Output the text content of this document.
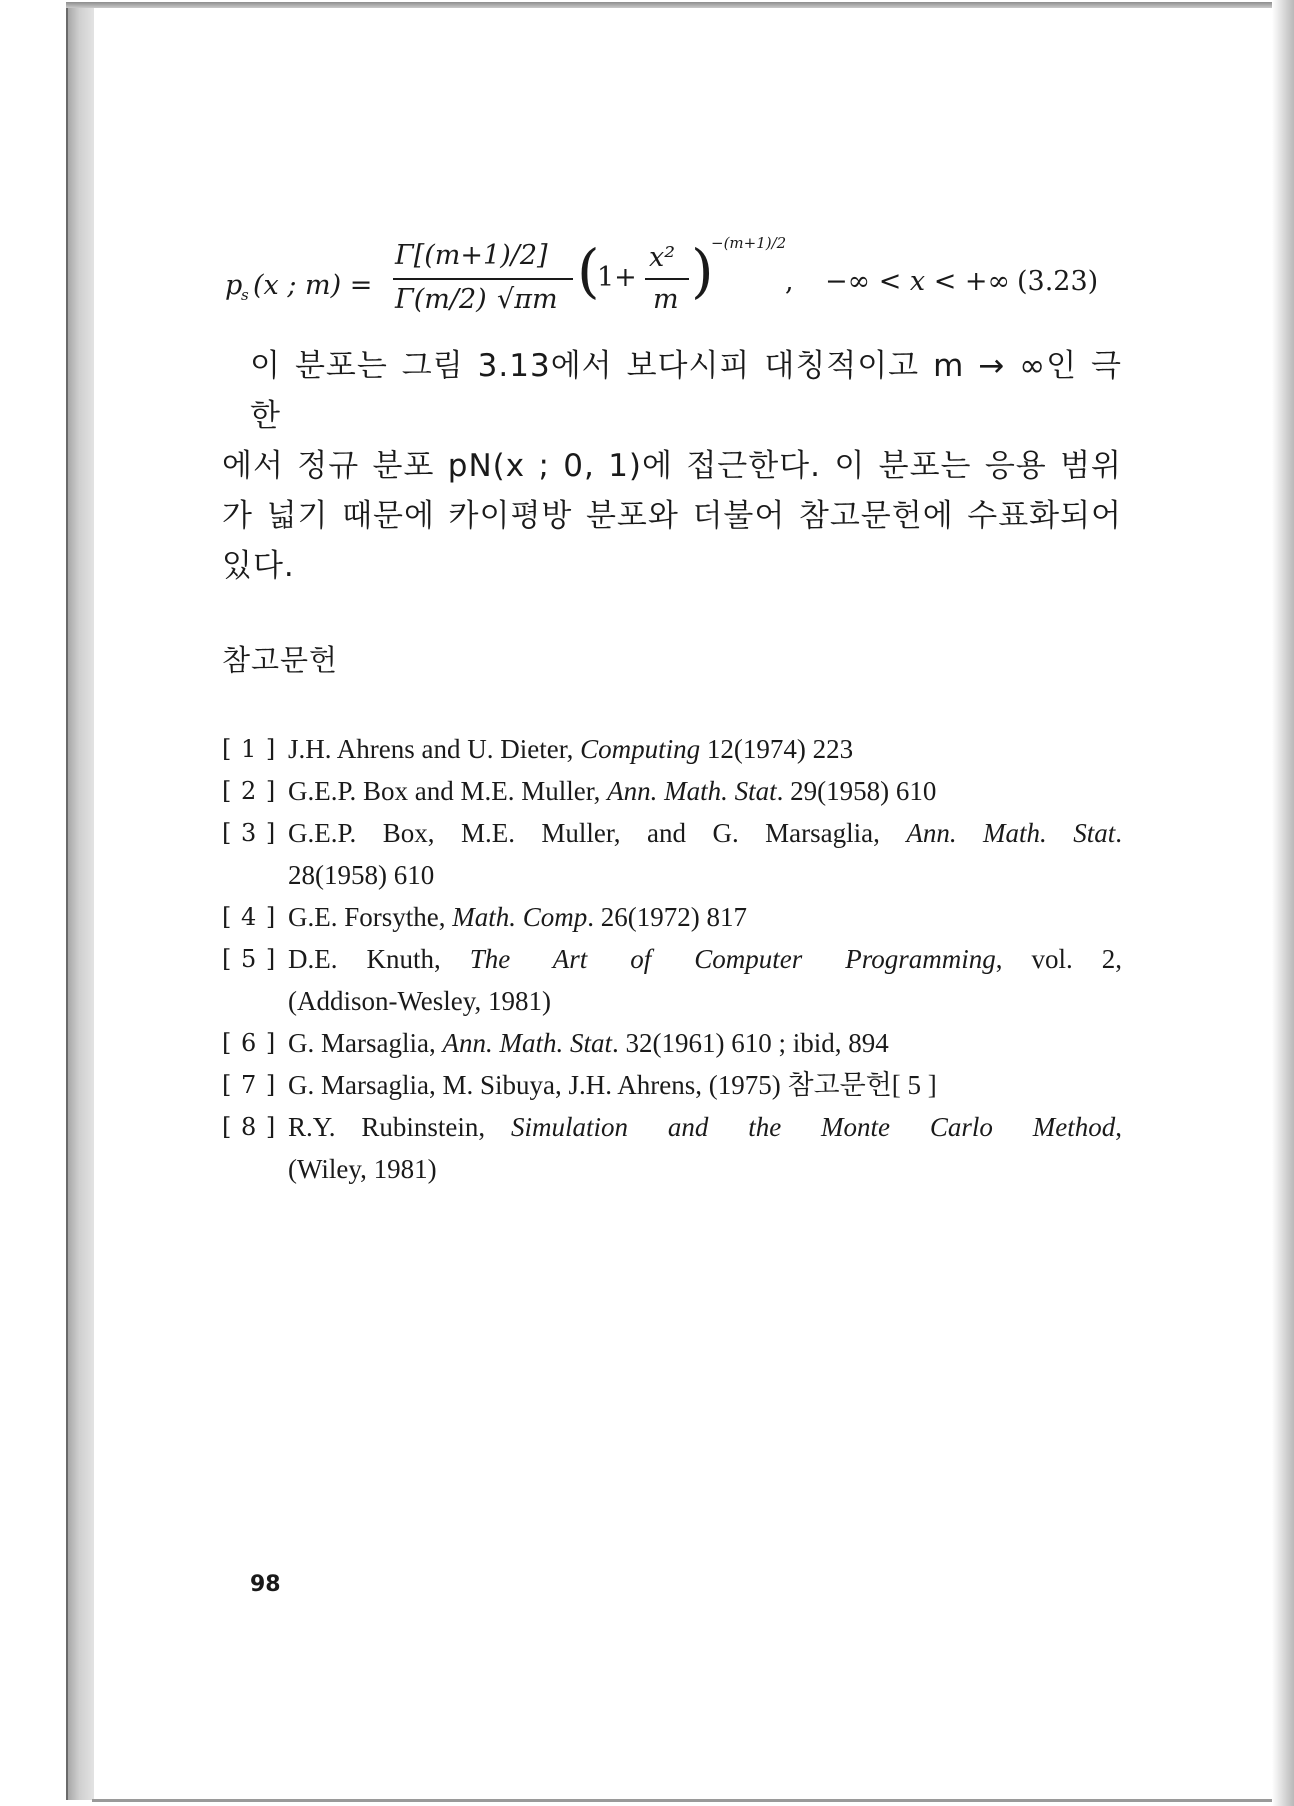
p
s (x ; m) =
Γ[(m+1)/2]
Γ(m/2) √πm (
1+
x²
m )
−(m+1)/2
, −∞ < x < +∞ (3.23)
이 분포는 그림 3.13에서 보다시피 대칭적이고 m → ∞인 극한
에서 정규 분포 pN(x ; 0, 1)에 접근한다. 이 분포는 응용 범위
가 넓기 때문에 카이평방 분포와 더불어 참고문헌에 수표화되어
있다.
참고문헌
[ 1 ] J.H. Ahrens and U. Dieter, Computing 12(1974) 223
[ 2 ] G.E.P. Box and M.E. Muller, Ann. Math. Stat. 29(1958) 610
[ 3 ] G.E.P. Box, M.E. Muller, and G. Marsaglia, Ann. Math. Stat.
28(1958) 610
[ 4 ] G.E. Forsythe, Math. Comp. 26(1972) 817
[ 5 ] D.E. Knuth, The Art of Computer Programming, vol. 2,
(Addison-Wesley, 1981)
[ 6 ] G. Marsaglia, Ann. Math. Stat. 32(1961) 610 ; ibid, 894
[ 7 ] G. Marsaglia, M. Sibuya, J.H. Ahrens, (1975) 참고문헌[ 5 ]
[ 8 ] R.Y. Rubinstein, Simulation and the Monte Carlo Method,
(Wiley, 1981)
98
